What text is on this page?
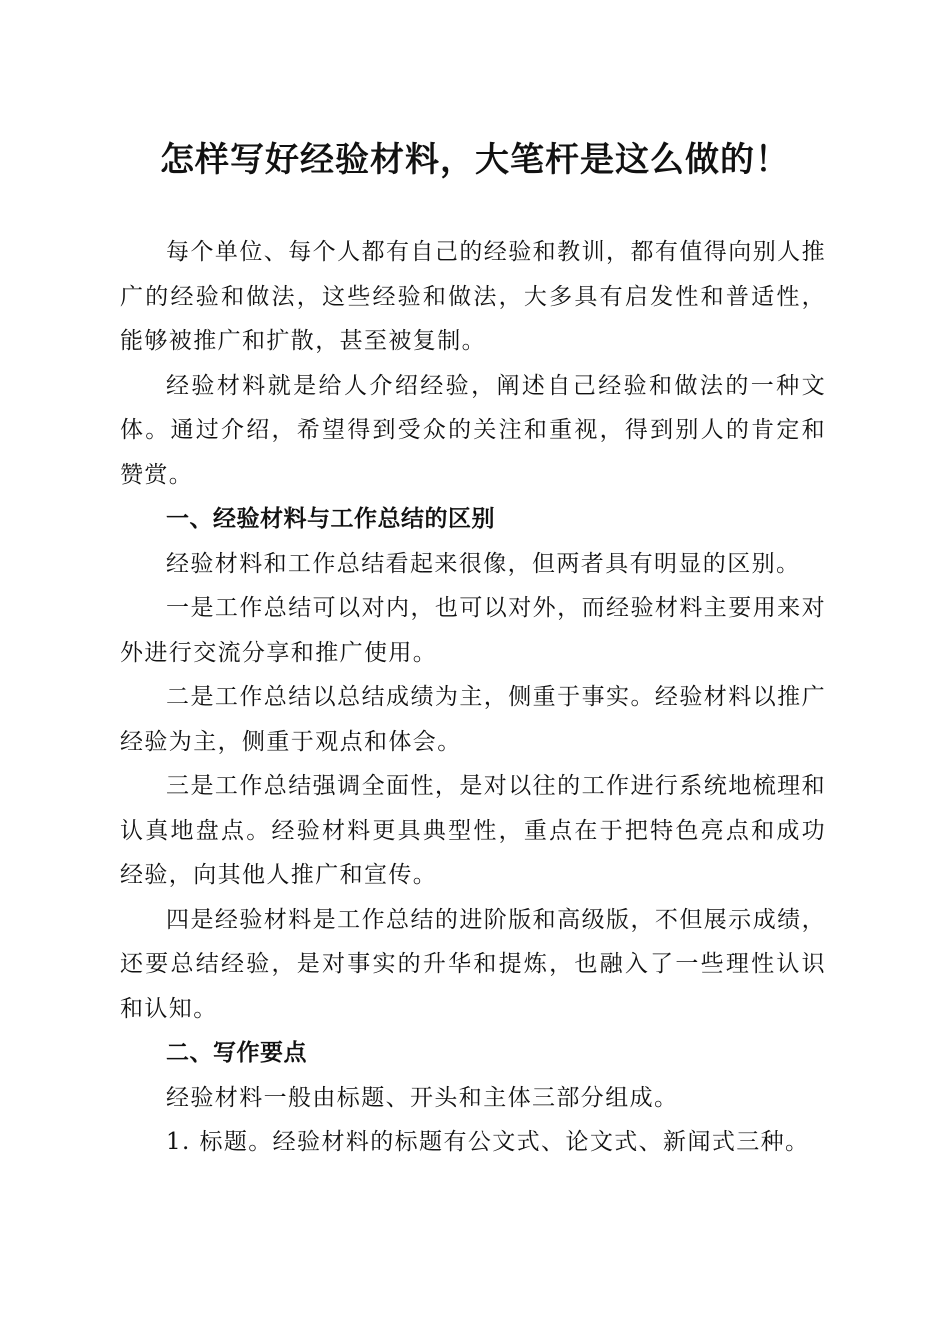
怎样写好经验材料，大笔杆是这么做的！

每个单位、每个人都有自己的经验和教训，都有值得向别人推广的经验和做法，这些经验和做法，大多具有启发性和普适性，能够被推广和扩散，甚至被复制。

经验材料就是给人介绍经验，阐述自己经验和做法的一种文体。通过介绍，希望得到受众的关注和重视，得到别人的肯定和赞赏。

一、经验材料与工作总结的区别

经验材料和工作总结看起来很像，但两者具有明显的区别。

一是工作总结可以对内，也可以对外，而经验材料主要用来对外进行交流分享和推广使用。

二是工作总结以总结成绩为主，侧重于事实。经验材料以推广经验为主，侧重于观点和体会。

三是工作总结强调全面性，是对以往的工作进行系统地梳理和认真地盘点。经验材料更具典型性，重点在于把特色亮点和成功经验，向其他人推广和宣传。

四是经验材料是工作总结的进阶版和高级版，不但展示成绩，还要总结经验，是对事实的升华和提炼，也融入了一些理性认识和认知。

二、写作要点

经验材料一般由标题、开头和主体三部分组成。

1. 标题。经验材料的标题有公文式、论文式、新闻式三种。
